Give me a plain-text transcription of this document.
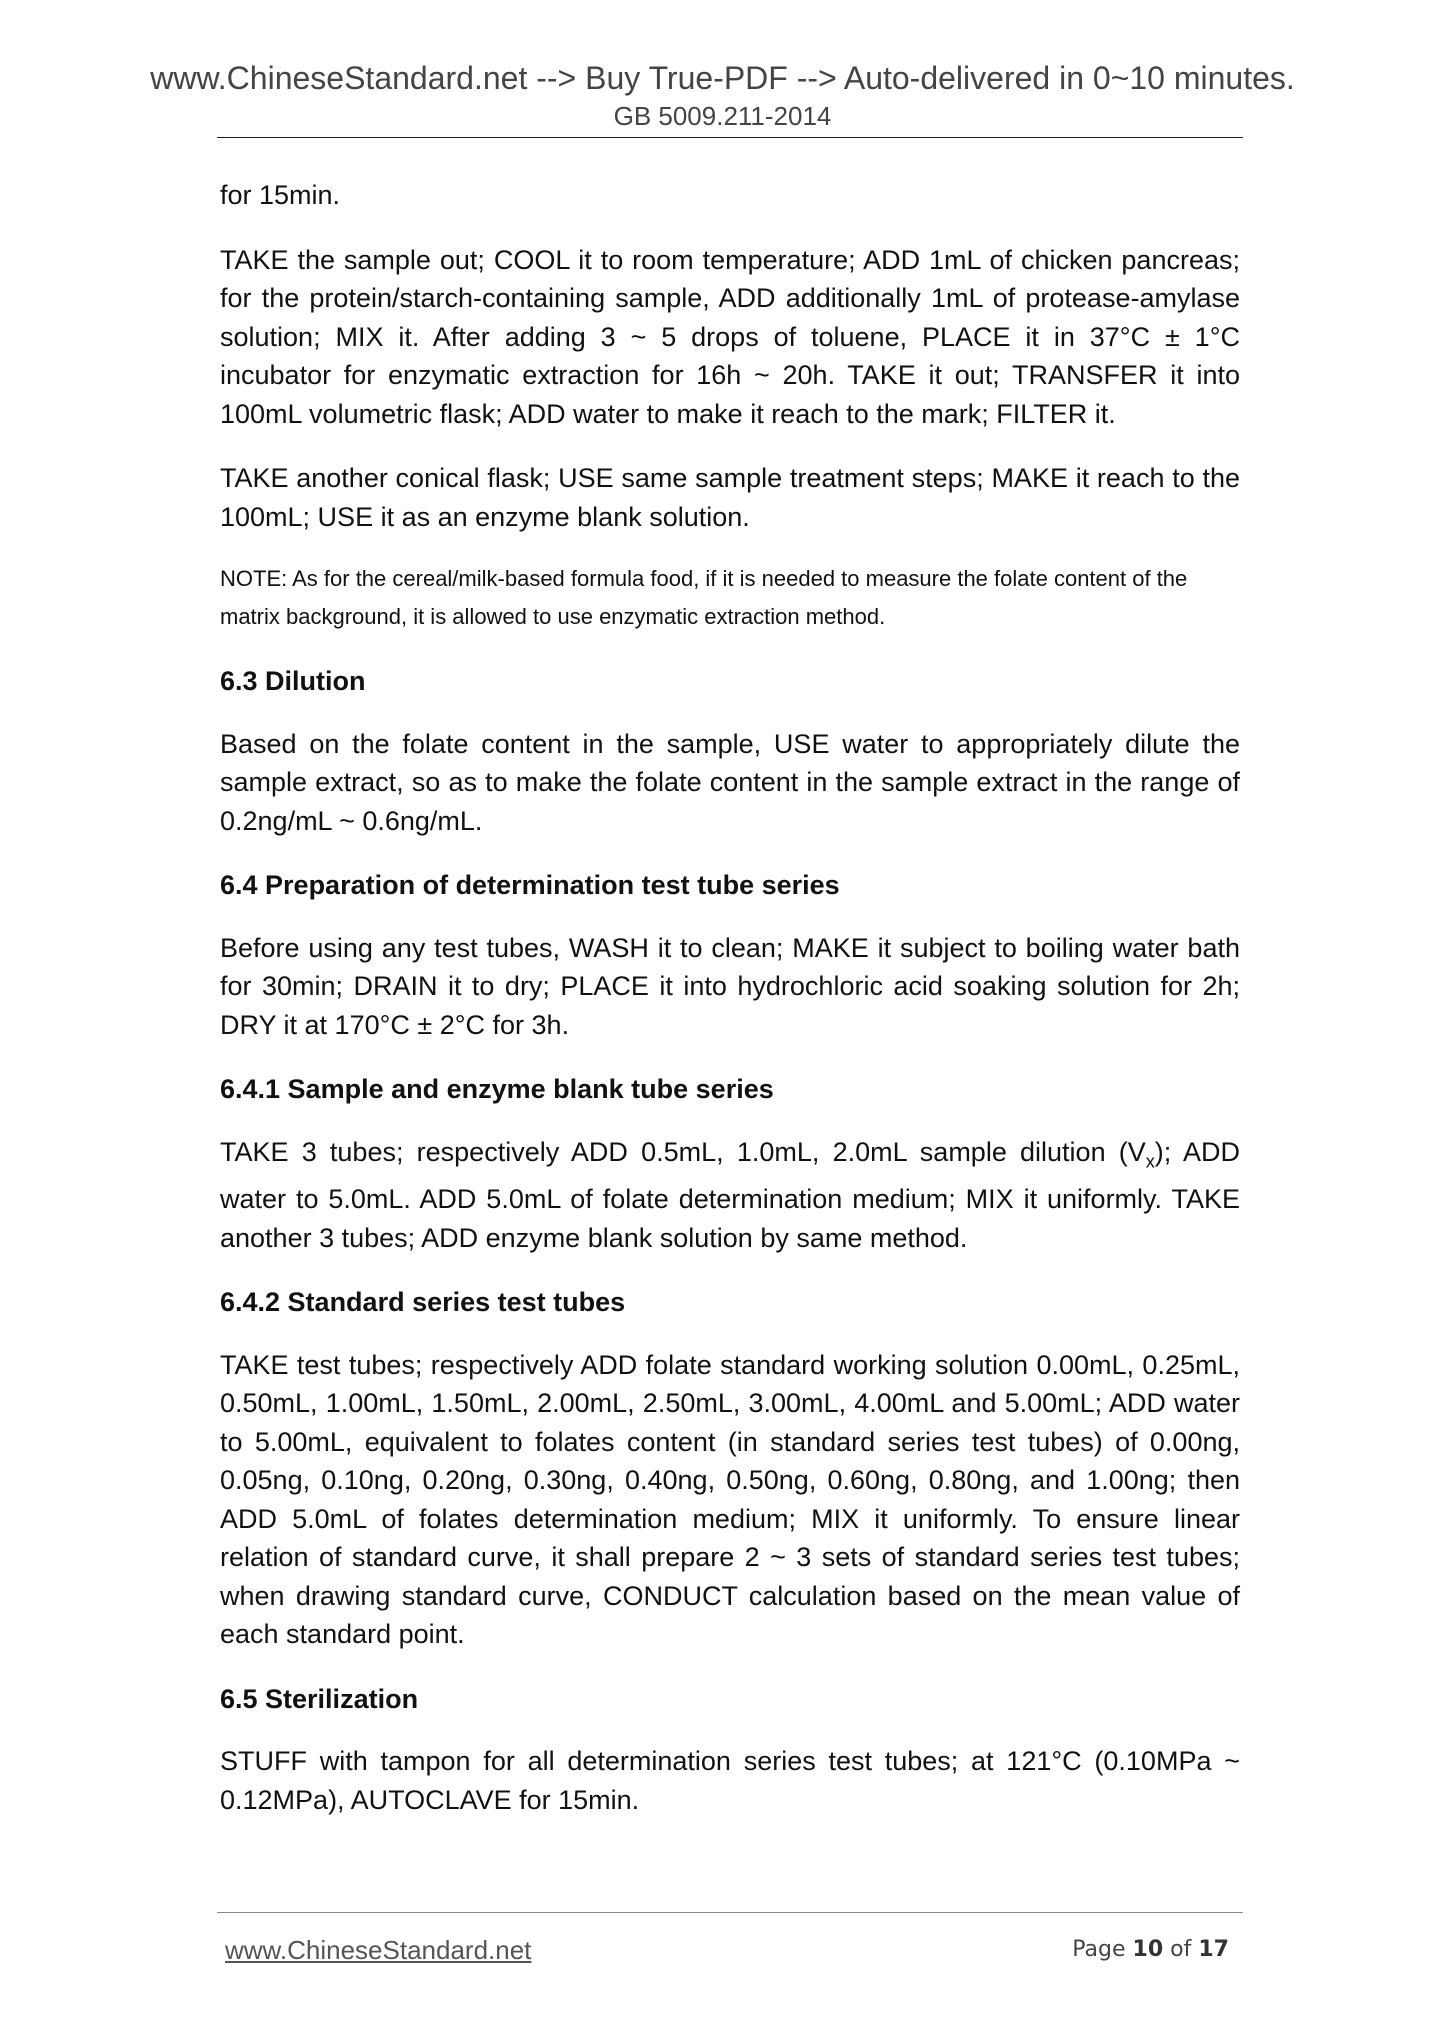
www.ChineseStandard.net --> Buy True-PDF --> Auto-delivered in 0~10 minutes.
GB 5009.211-2014

for 15min.

TAKE the sample out; COOL it to room temperature; ADD 1mL of chicken pancreas; for the protein/starch-containing sample, ADD additionally 1mL of protease-amylase solution; MIX it. After adding 3 ~ 5 drops of toluene, PLACE it in 37°C ± 1°C incubator for enzymatic extraction for 16h ~ 20h. TAKE it out; TRANSFER it into 100mL volumetric flask; ADD water to make it reach to the mark; FILTER it.

TAKE another conical flask; USE same sample treatment steps; MAKE it reach to the 100mL; USE it as an enzyme blank solution.

NOTE: As for the cereal/milk-based formula food, if it is needed to measure the folate content of the matrix background, it is allowed to use enzymatic extraction method.

6.3 Dilution

Based on the folate content in the sample, USE water to appropriately dilute the sample extract, so as to make the folate content in the sample extract in the range of 0.2ng/mL ~ 0.6ng/mL.

6.4 Preparation of determination test tube series

Before using any test tubes, WASH it to clean; MAKE it subject to boiling water bath for 30min; DRAIN it to dry; PLACE it into hydrochloric acid soaking solution for 2h; DRY it at 170°C ± 2°C for 3h.

6.4.1 Sample and enzyme blank tube series

TAKE 3 tubes; respectively ADD 0.5mL, 1.0mL, 2.0mL sample dilution $(V_x)$; ADD water to 5.0mL. ADD 5.0mL of folate determination medium; MIX it uniformly. TAKE another 3 tubes; ADD enzyme blank solution by same method.

6.4.2 Standard series test tubes

TAKE test tubes; respectively ADD folate standard working solution 0.00mL, 0.25mL, 0.50mL, 1.00mL, 1.50mL, 2.00mL, 2.50mL, 3.00mL, 4.00mL and 5.00mL; ADD water to 5.00mL, equivalent to folates content (in standard series test tubes) of 0.00ng, 0.05ng, 0.10ng, 0.20ng, 0.30ng, 0.40ng, 0.50ng, 0.60ng, 0.80ng, and 1.00ng; then ADD 5.0mL of folates determination medium; MIX it uniformly. To ensure linear relation of standard curve, it shall prepare 2 ~ 3 sets of standard series test tubes; when drawing standard curve, CONDUCT calculation based on the mean value of each standard point.

6.5 Sterilization

STUFF with tampon for all determination series test tubes; at 121°C (0.10MPa ~ 0.12MPa), AUTOCLAVE for 15min.

www.ChineseStandard.net	Page 10 of 17
